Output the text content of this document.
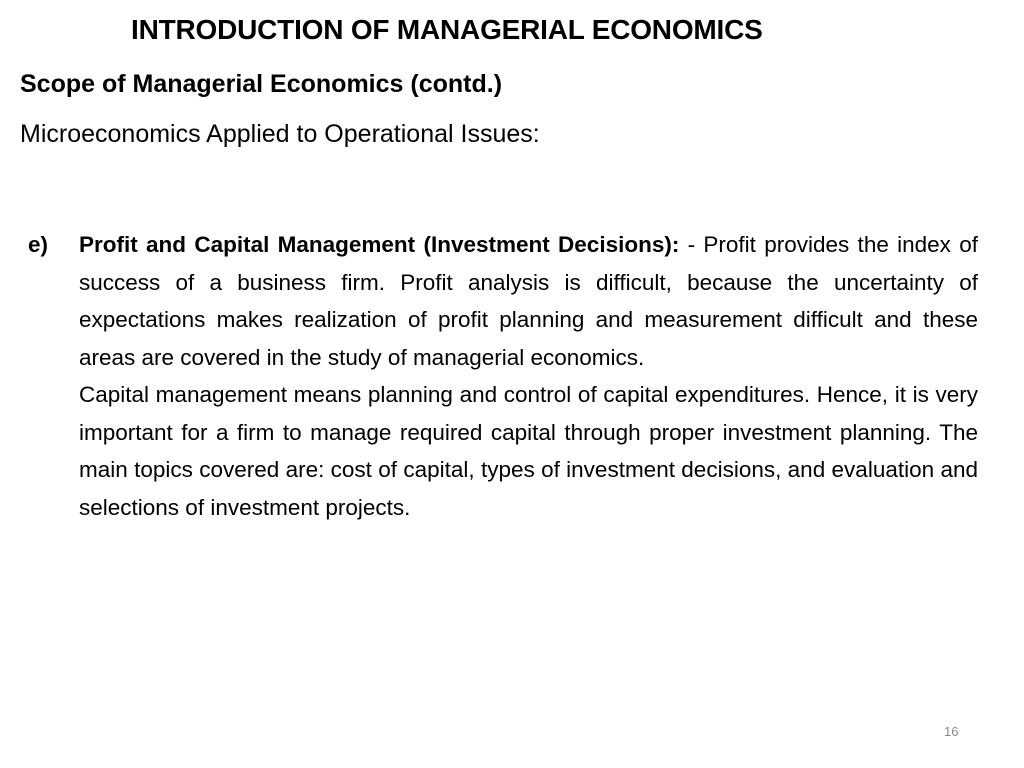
INTRODUCTION OF MANAGERIAL ECONOMICS
Scope of Managerial Economics (contd.)
Microeconomics Applied to Operational Issues:
e) Profit and Capital Management (Investment Decisions): - Profit provides the index of success of a business firm. Profit analysis is difficult, because the uncertainty of expectations makes realization of profit planning and measurement difficult and these areas are covered in the study of managerial economics.

Capital management means planning and control of capital expenditures. Hence, it is very important for a firm to manage required capital through proper investment planning. The main topics covered are: cost of capital, types of investment decisions, and evaluation and selections of investment projects.

16
